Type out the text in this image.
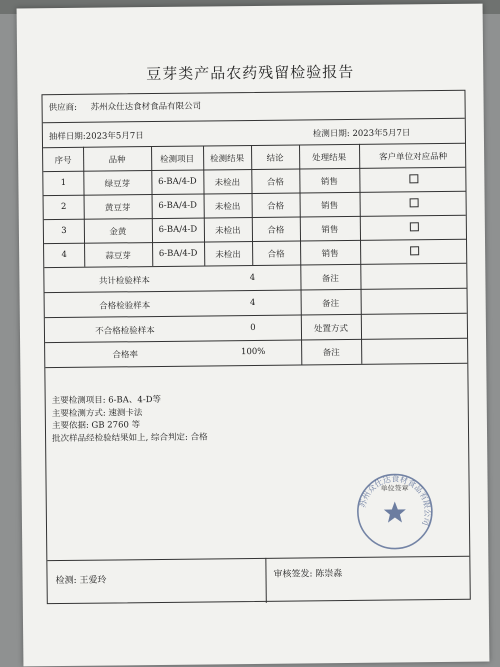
豆芽类产品农药残留检验报告
供应商: 苏州众仕达食材食品有限公司
抽样日期:2023年5月7日	检测日期: 2023年5月7日
序号	品种	检测项目	检测结果	结论	处理结果	客户单位对应品种
1	绿豆芽	6-BA/4-D	未检出	合格	销售
2	黄豆芽	6-BA/4-D	未检出	合格	销售
3	金黄	6-BA/4-D	未检出	合格	销售
4	蒜豆芽	6-BA/4-D	未检出	合格	销售
共计检验样本	4	备注
合格检验样本	4	备注
不合格检验样本	0	处置方式
合格率	100%	备注
主要检测项目: 6-BA、4-D等
主要检测方式: 速测卡法
主要依据: GB 2760 等
批次样品经检验结果如上, 综合判定: 合格
苏州众仕达食材食品有限公司
单位签章
检测: 王爱玲
审核签发: 陈崇淼
